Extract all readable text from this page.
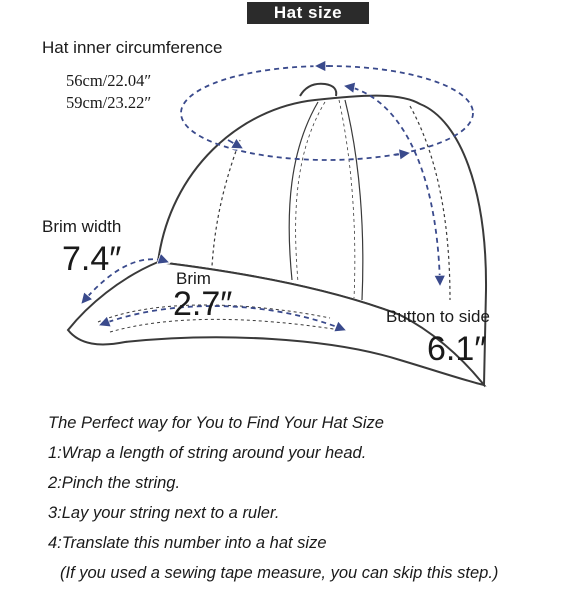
Hat size
Hat inner circumference
56cm/22.04″
59cm/23.22″
Brim width
7.4″
Brim
2.7″	Button to side
6.1″
The Perfect way for You to Find Your Hat Size
1:Wrap a length of string around your head.
2:Pinch the string.
3:Lay your string next to a ruler.
4:Translate this number into a hat size
(If you used a sewing tape measure, you can skip this step.)
